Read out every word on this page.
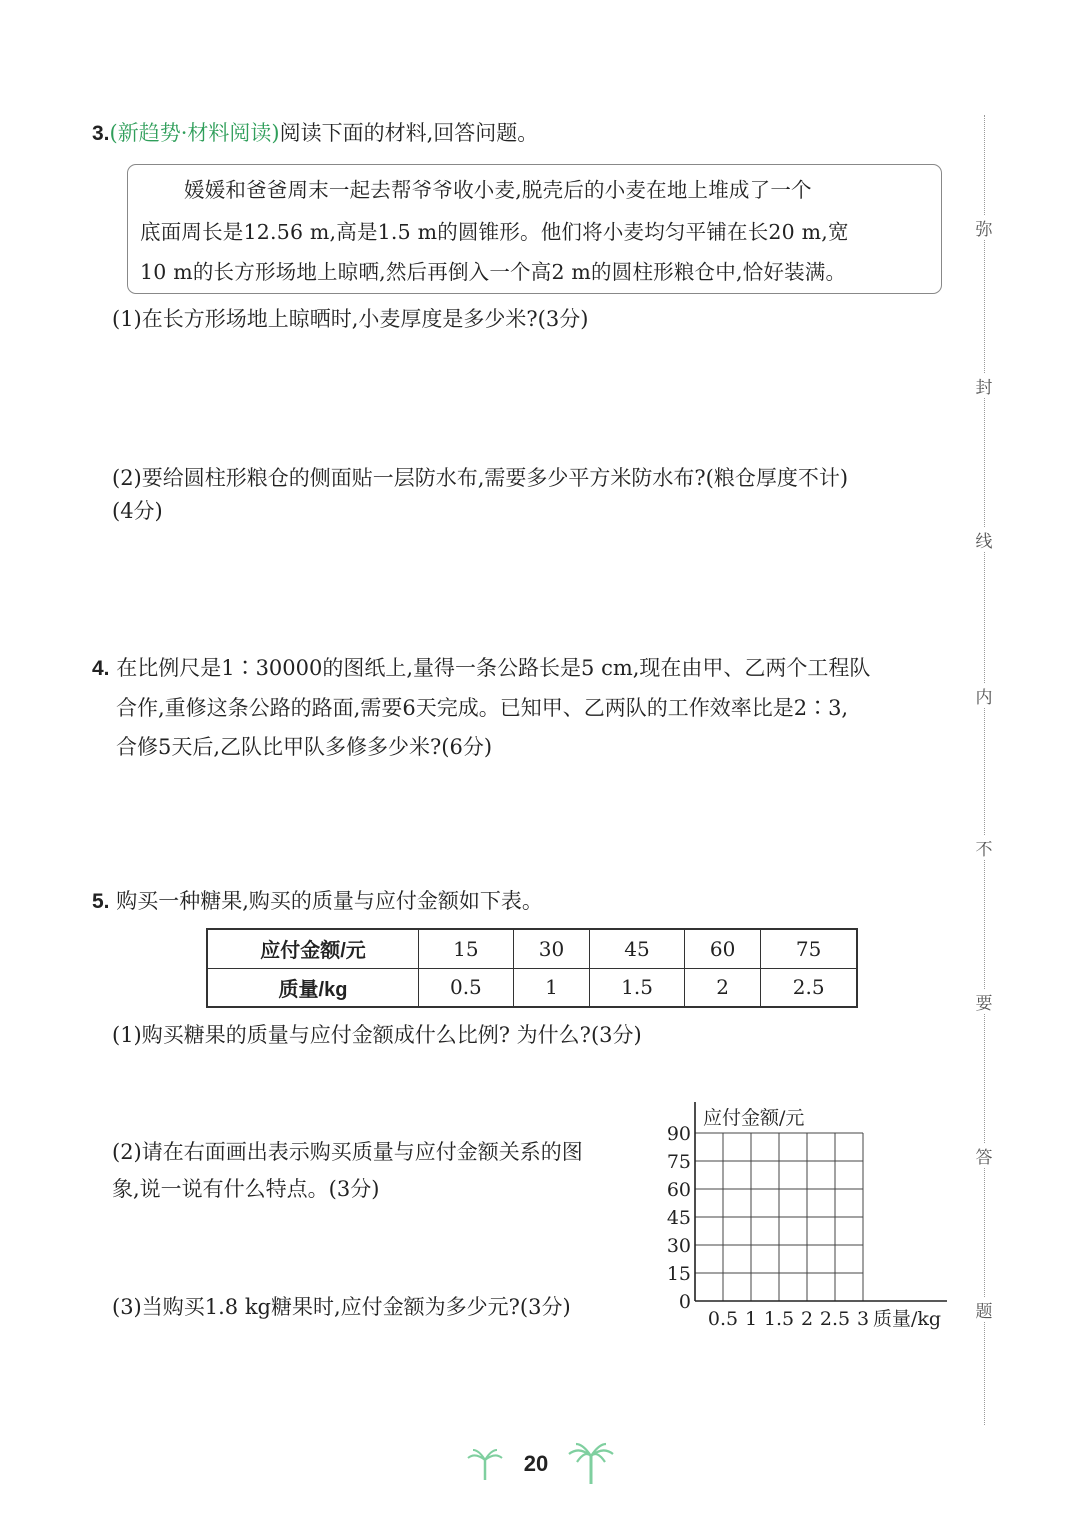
3.(新趋势·材料阅读)阅读下面的材料,回答问题。
媛媛和爸爸周末一起去帮爷爷收小麦,脱壳后的小麦在地上堆成了一个
底面周长是12.56 m,高是1.5 m的圆锥形。他们将小麦均匀平铺在长20 m,宽
10 m的长方形场地上晾晒,然后再倒入一个高2 m的圆柱形粮仓中,恰好装满。
(1)在长方形场地上晾晒时,小麦厚度是多少米?(3分)
(2)要给圆柱形粮仓的侧面贴一层防水布,需要多少平方米防水布?(粮仓厚度不计)
(4分)
4. 在比例尺是1∶30000的图纸上,量得一条公路长是5 cm,现在由甲、乙两个工程队
合作,重修这条公路的路面,需要6天完成。已知甲、乙两队的工作效率比是2∶3,
合修5天后,乙队比甲队多修多少米?(6分)
5. 购买一种糖果,购买的质量与应付金额如下表。
应付金额/元	15	30	45	60	75
质量/kg	0.5	1	1.5	2	2.5
(1)购买糖果的质量与应付金额成什么比例? 为什么?(3分)
(2)请在右面画出表示购买质量与应付金额关系的图
象,说一说有什么特点。(3分)
(3)当购买1.8 kg糖果时,应付金额为多少元?(3分)	0
15
30
45
60
75
90
0.5 1 1.5 2 2.5 3
应付金额/元
质量/kg
弥
封
线
内
不
要
答
题
20
